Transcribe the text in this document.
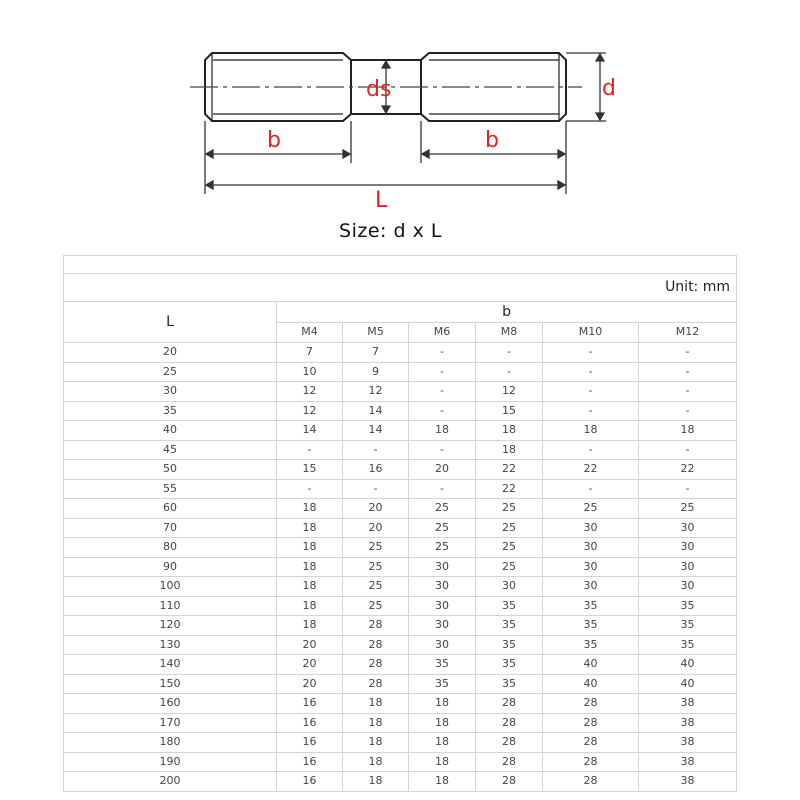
ds	d
b	b
L
Size: d x L

Unit: mm						
L	b					
	M4	M5	M6	M8	M10	M12
20	7	7	-	-	-	-
25	10	9	-	-	-	-
30	12	12	-	12	-	-
35	12	14	-	15	-	-
40	14	14	18	18	18	18
45	-	-	-	18	-	-
50	15	16	20	22	22	22
55	-	-	-	22	-	-
60	18	20	25	25	25	25
70	18	20	25	25	30	30
80	18	25	25	25	30	30
90	18	25	30	25	30	30
100	18	25	30	30	30	30
110	18	25	30	35	35	35
120	18	28	30	35	35	35
130	20	28	30	35	35	35
140	20	28	35	35	40	40
150	20	28	35	35	40	40
160	16	18	18	28	28	38
170	16	18	18	28	28	38
180	16	18	18	28	28	38
190	16	18	18	28	28	38
200	16	18	18	28	28	38
